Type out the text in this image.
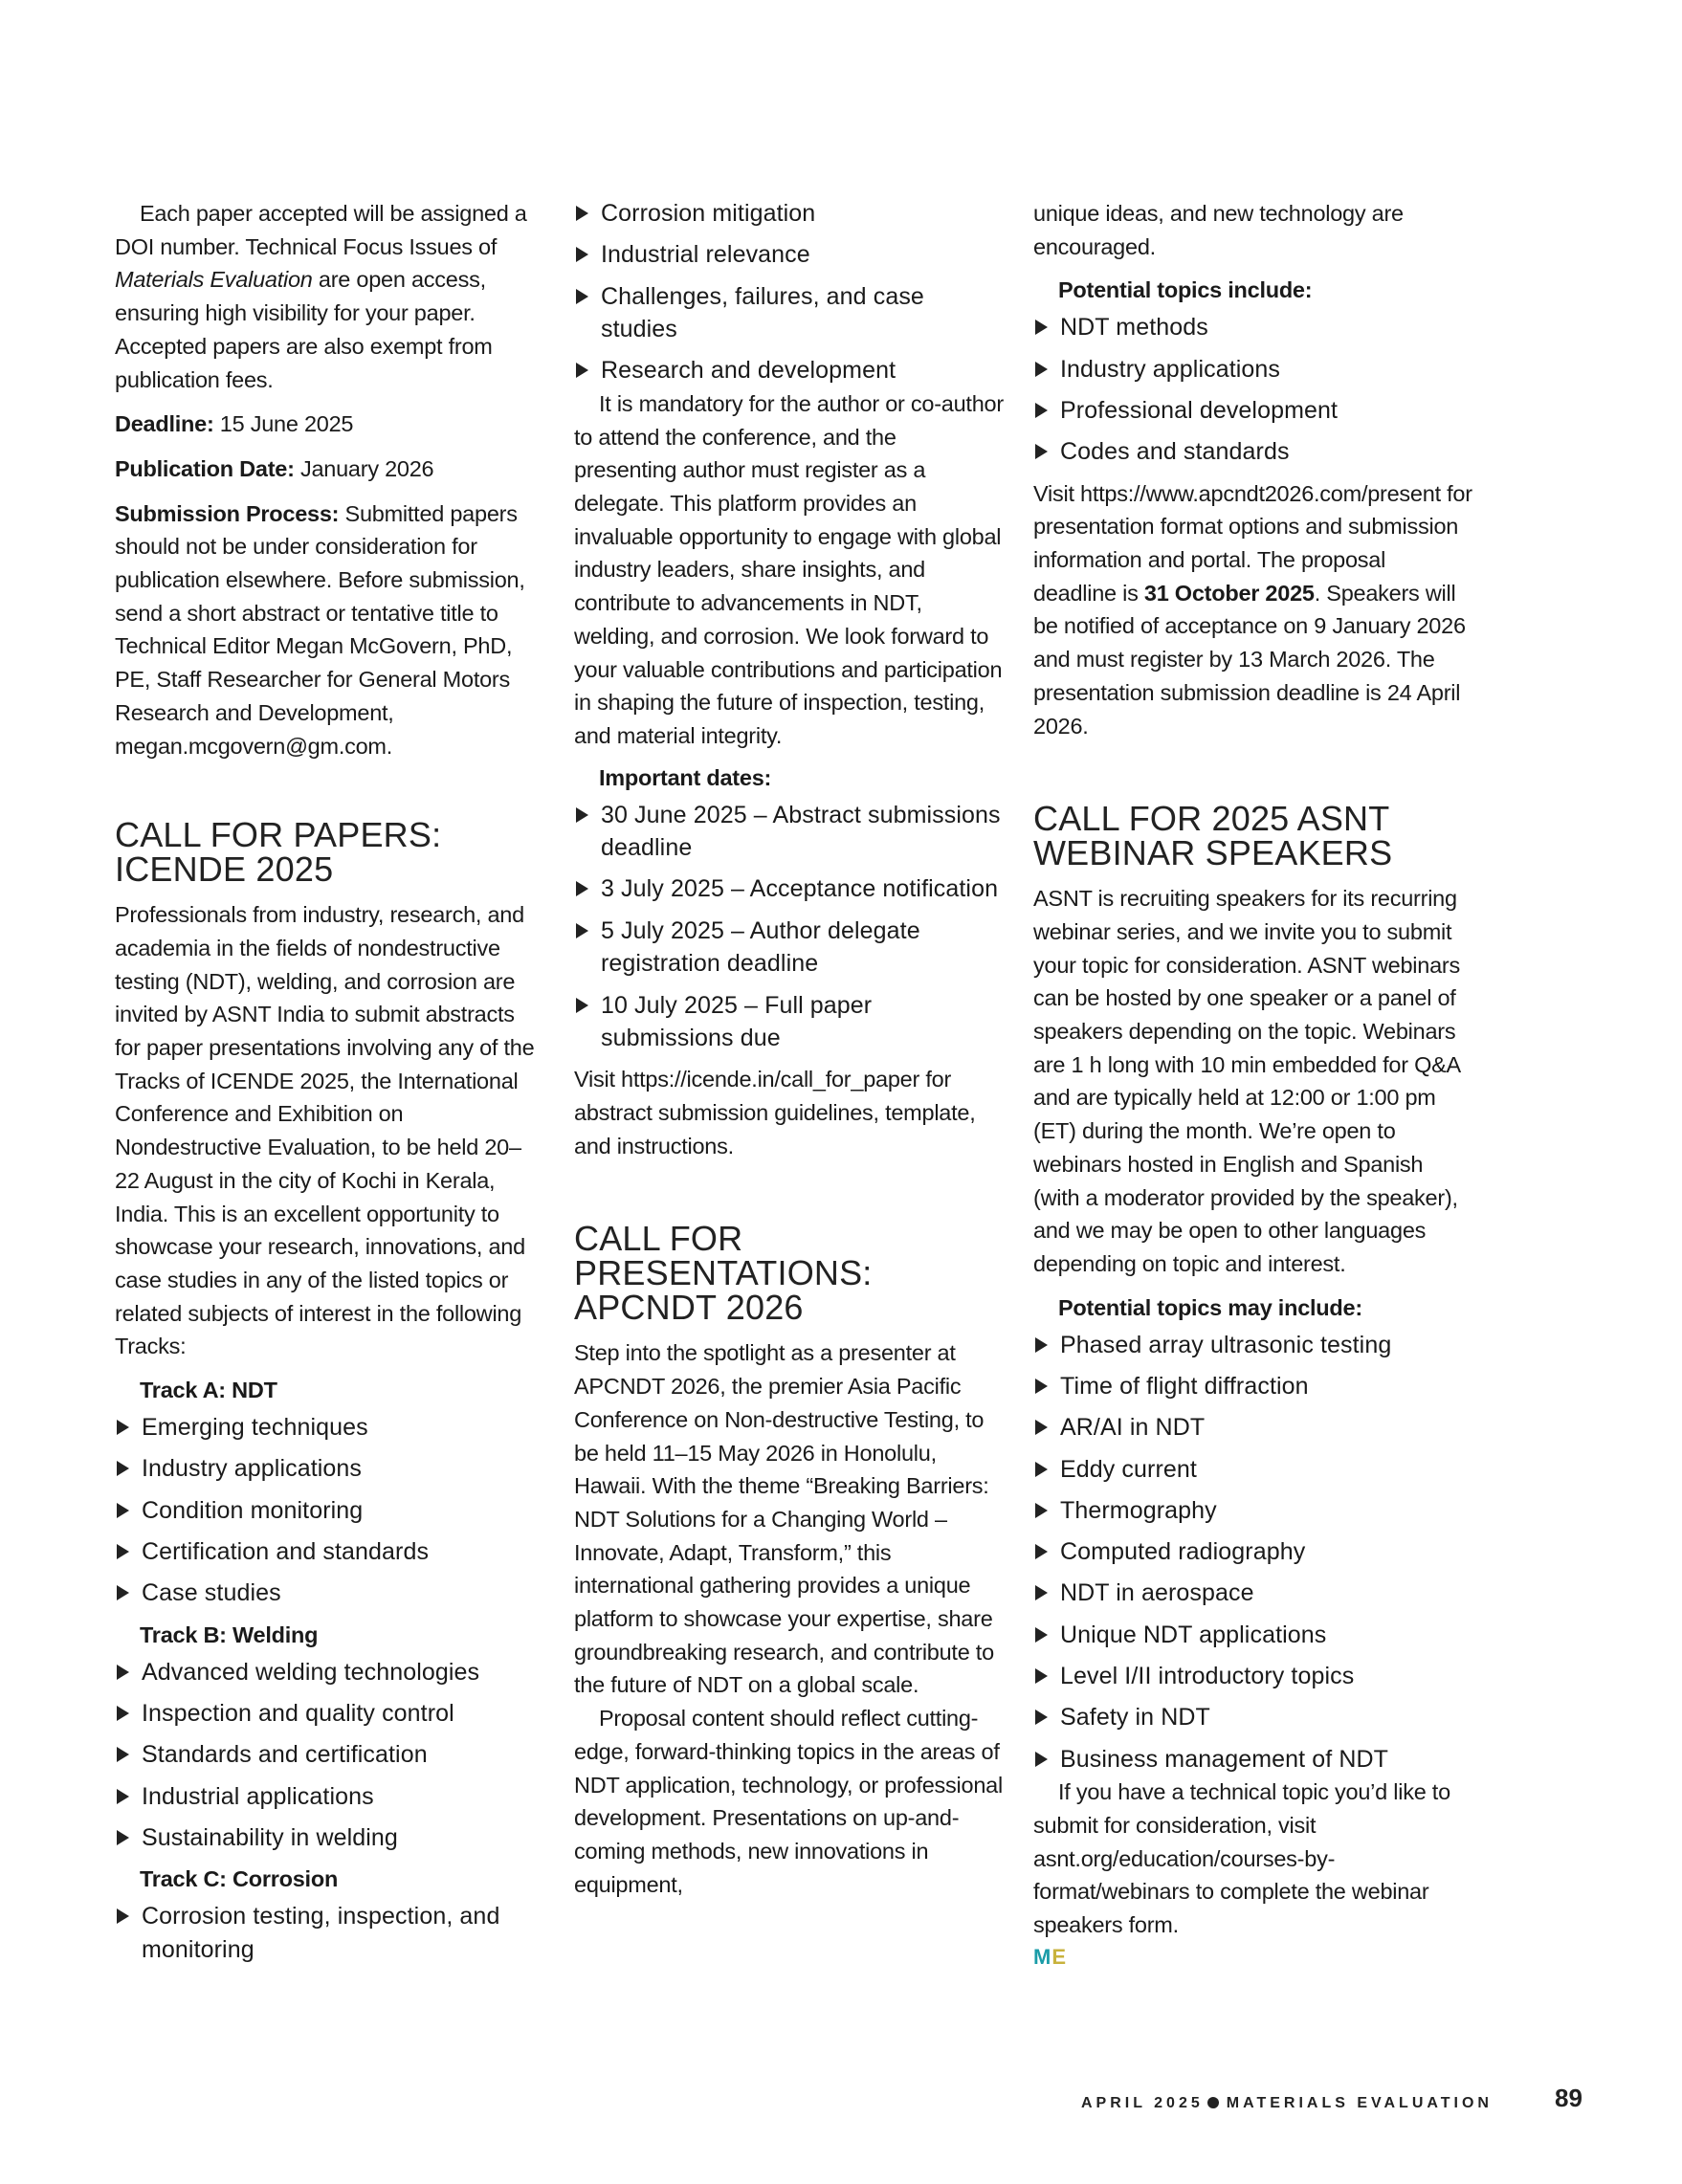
Each paper accepted will be assigned a DOI number. Technical Focus Issues of Materials Evaluation are open access, ensuring high visibility for your paper. Accepted papers are also exempt from publication fees.

Deadline: 15 June 2025

Publication Date: January 2026

Submission Process: Submitted papers should not be under consideration for publication elsewhere. Before submission, send a short abstract or tentative title to Technical Editor Megan McGovern, PhD, PE, Staff Researcher for General Motors Research and Development, megan.mcgovern@gm.com.

CALL FOR PAPERS: ICENDE 2025

Professionals from industry, research, and academia in the fields of nondestructive testing (NDT), welding, and corrosion are invited by ASNT India to submit abstracts for paper presentations involving any of the Tracks of ICENDE 2025, the International Conference and Exhibition on Nondestructive Evaluation, to be held 20–22 August in the city of Kochi in Kerala, India. This is an excellent opportunity to showcase your research, innovations, and case studies in any of the listed topics or related subjects of interest in the following Tracks:

Track A: NDT
Emerging techniques
Industry applications
Condition monitoring
Certification and standards
Case studies
Track B: Welding
Advanced welding technologies
Inspection and quality control
Standards and certification
Industrial applications
Sustainability in welding
Track C: Corrosion
Corrosion testing, inspection, and monitoring
Corrosion mitigation
Industrial relevance
Challenges, failures, and case studies
Research and development

It is mandatory for the author or co-author to attend the conference, and the presenting author must register as a delegate. This platform provides an invaluable opportunity to engage with global industry leaders, share insights, and contribute to advancements in NDT, welding, and corrosion. We look forward to your valuable contributions and participation in shaping the future of inspection, testing, and material integrity.

Important dates:
30 June 2025 – Abstract submissions deadline
3 July 2025 – Acceptance notification
5 July 2025 – Author delegate registration deadline
10 July 2025 – Full paper submissions due

Visit https://icende.in/call_for_paper for abstract submission guidelines, template, and instructions.

CALL FOR PRESENTATIONS: APCNDT 2026

Step into the spotlight as a presenter at APCNDT 2026, the premier Asia Pacific Conference on Non-destructive Testing, to be held 11–15 May 2026 in Honolulu, Hawaii. With the theme “Breaking Barriers: NDT Solutions for a Changing World – Innovate, Adapt, Transform,” this international gathering provides a unique platform to showcase your expertise, share groundbreaking research, and contribute to the future of NDT on a global scale.

Proposal content should reflect cutting-edge, forward-thinking topics in the areas of NDT application, technology, or professional development. Presentations on up-and-coming methods, new innovations in equipment,

unique ideas, and new technology are encouraged.

Potential topics include:
NDT methods
Industry applications
Professional development
Codes and standards

Visit https://www.apcndt2026.com/present for presentation format options and submission information and portal. The proposal deadline is 31 October 2025. Speakers will be notified of acceptance on 9 January 2026 and must register by 13 March 2026. The presentation submission deadline is 24 April 2026.

CALL FOR 2025 ASNT WEBINAR SPEAKERS

ASNT is recruiting speakers for its recurring webinar series, and we invite you to submit your topic for consideration. ASNT webinars can be hosted by one speaker or a panel of speakers depending on the topic. Webinars are 1 h long with 10 min embedded for Q&A and are typically held at 12:00 or 1:00 pm (ET) during the month. We’re open to webinars hosted in English and Spanish (with a moderator provided by the speaker), and we may be open to other languages depending on topic and interest.

Potential topics may include:
Phased array ultrasonic testing
Time of flight diffraction
AR/AI in NDT
Eddy current
Thermography
Computed radiography
NDT in aerospace
Unique NDT applications
Level I/II introductory topics
Safety in NDT
Business management of NDT

If you have a technical topic you’d like to submit for consideration, visit asnt.org/education/courses-by-format/webinars to complete the webinar speakers form.

M E
APRIL 2025 MATERIALS EVALUATION	89
